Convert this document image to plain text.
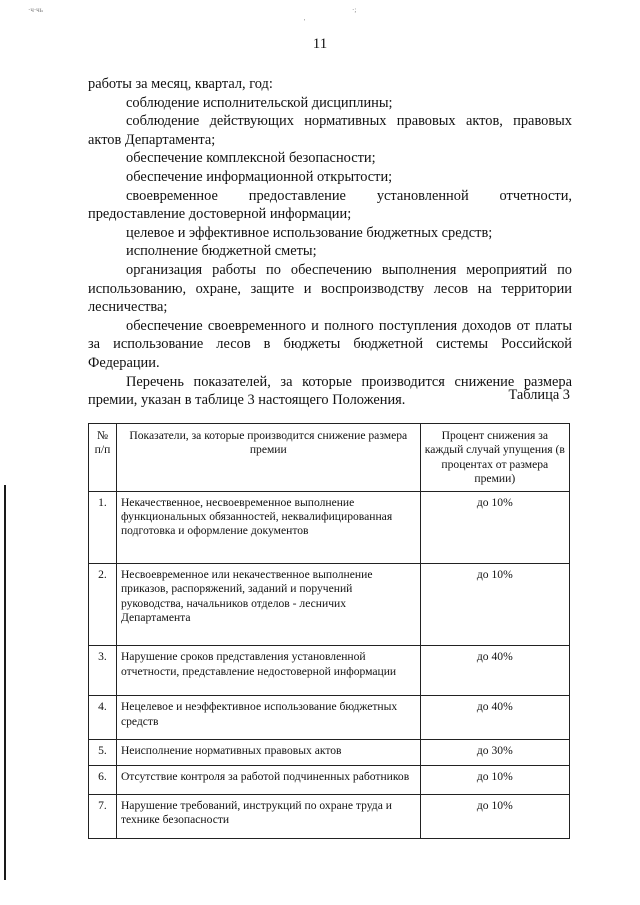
·ч·чь	·;
'
11

работы за месяц, квартал, год:

соблюдение исполнительской дисциплины;

соблюдение действующих нормативных правовых актов, правовых актов Департамента;

обеспечение комплексной безопасности;

обеспечение информационной открытости;

своевременное предоставление установленной отчетности, предоставление достоверной информации;

целевое и эффективное использование бюджетных средств;

исполнение бюджетной сметы;

организация работы по обеспечению выполнения мероприятий по использованию, охране, защите и воспроизводству лесов на территории лесничества;

обеспечение своевременного и полного поступления доходов от платы за использование лесов в бюджеты бюджетной системы Российской Федерации.

Перечень показателей, за которые производится снижение размера премии, указан в таблице 3 настоящего Положения.	Таблица 3
№ п/п	Показатели, за которые производится снижение размера премии	Процент снижения за каждый случай упущения (в процентах от размера премии)
1.	Некачественное, несвоевременное выполнение функциональных обязанностей, неквалифицированная подготовка и оформление документов	до 10%
2.	Несвоевременное или некачественное выполнение приказов, распоряжений, заданий и поручений руководства, начальников отделов - лесничих Департамента	до 10%
3.	Нарушение сроков представления установленной отчетности, представление недостоверной информации	до 40%
4.	Нецелевое и неэффективное использование бюджетных средств	до 40%
5.	Неисполнение нормативных правовых актов	до 30%
6.	Отсутствие контроля за работой подчиненных работников	до 10%
7.	Нарушение требований, инструкций по охране труда и технике безопасности	до 10%
